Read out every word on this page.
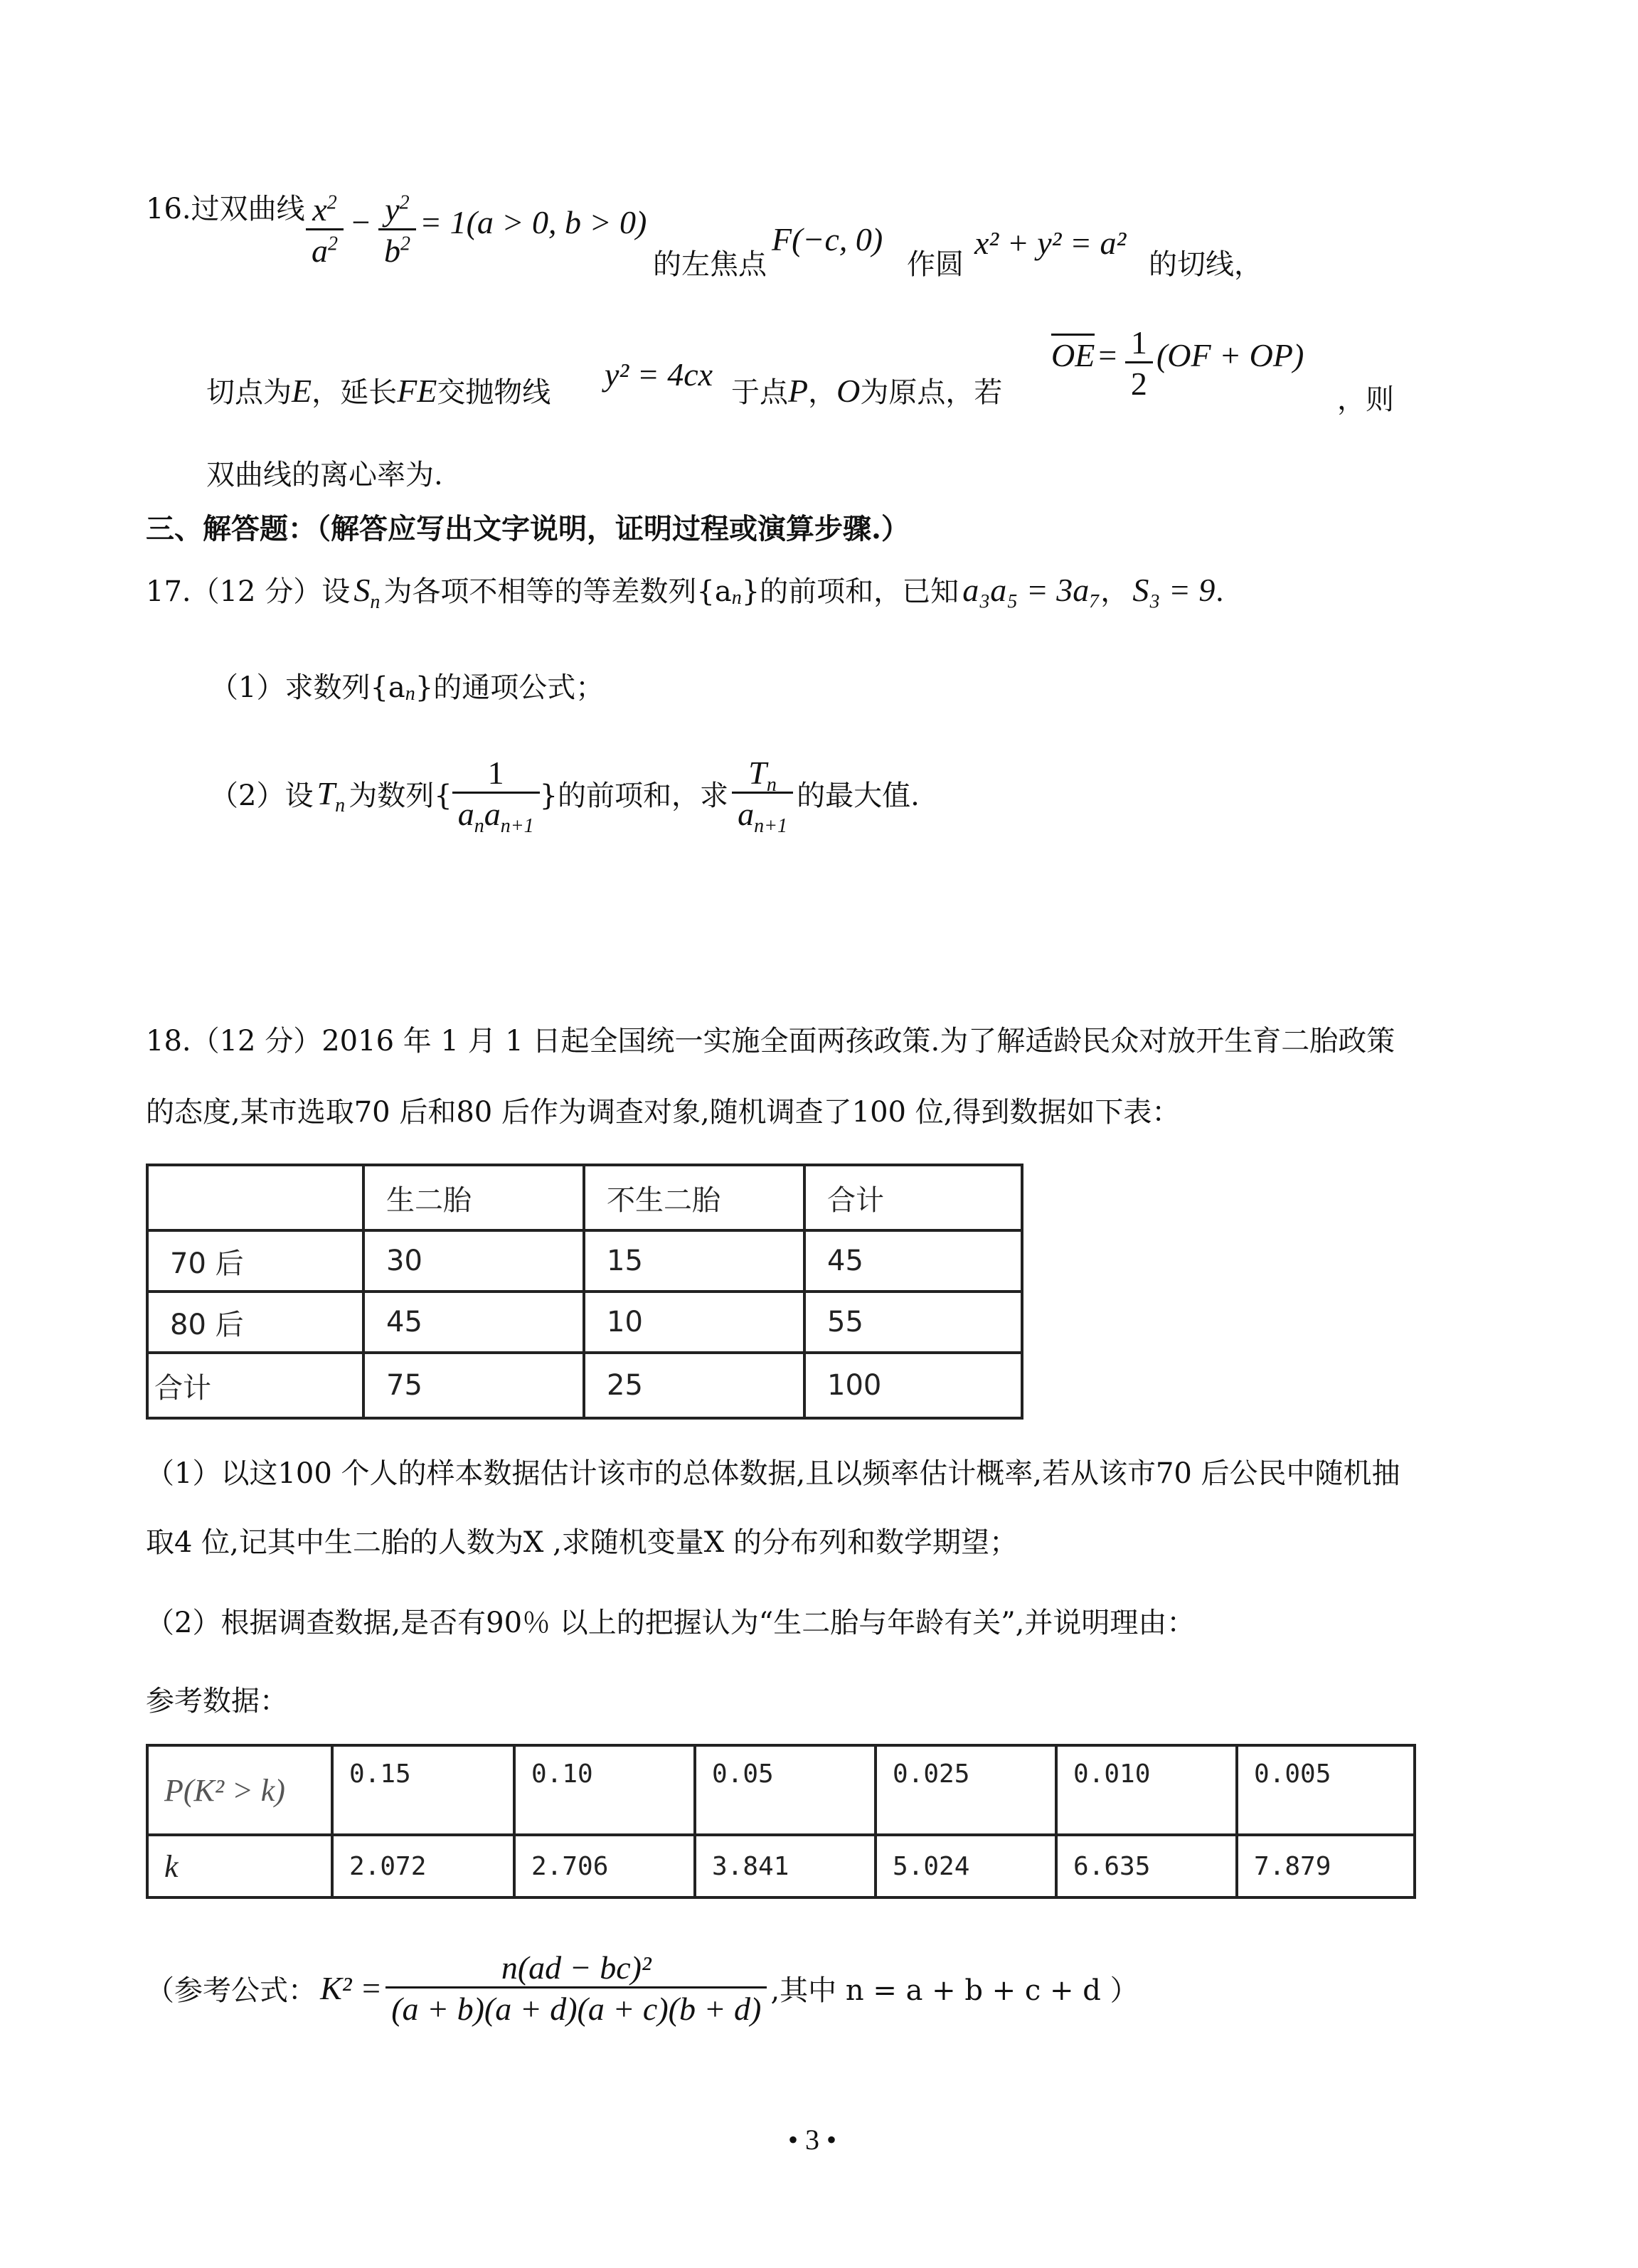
16.过双曲线 $\frac{x^2}{a^2} - \frac{y^2}{b^2} = 1(a > 0$, b > 0)
的左焦点
F(−c, 0)
作圆
x² + y² = a²
的切线，
切点为E，延长FE交抛物线 y² = 4cx 于点P，O为原点，若
OE = $\frac{1}{2} (OF + OP)$
，则
双曲线的离心率为.
三、解答题：（解答应写出文字说明，证明过程或演算步骤.）
17.（12 分）设 $S_n$ 为各项不相等的等差数列{an}的前项和，已知 a₃a₅ = 3a₇， S₃ = 9.
（1）求数列{an}的通项公式；
（2）设 $T_n$ 为数列{ $\frac{1}{a_na_{n+1}}$ }的前项和，求 $\frac{T_n}{a_{n+1}}$ 的最大值.
18.（12 分）2016 年 1 月 1 日起全国统一实施全面两孩政策.为了解适龄民众对放开生育二胎政策
的态度,某市选取70 后和80 后作为调查对象,随机调查了100 位,得到数据如下表：
	生二胎	不生二胎	合计
70 后	30	15	45
80 后	45	10	55
合计	75	25	100
（1）以这100 个人的样本数据估计该市的总体数据,且以频率估计概率,若从该市70 后公民中随机抽
取4 位,记其中生二胎的人数为X ,求随机变量X 的分布列和数学期望；
（2）根据调查数据,是否有90％ 以上的把握认为“生二胎与年龄有关”,并说明理由：
参考数据：
P(K² > k)	0.15	0.10	0.05	0.025	0.010	0.005
k	2.072	2.706	3.841	5.024	6.635	7.879
（参考公式： $K^2 = \frac{\text{n(ad − bc)²}}{(a + b)(a + d)(a + c)(b + d)}$ ,其中 n = a + b + c + d ）
• 3 •
